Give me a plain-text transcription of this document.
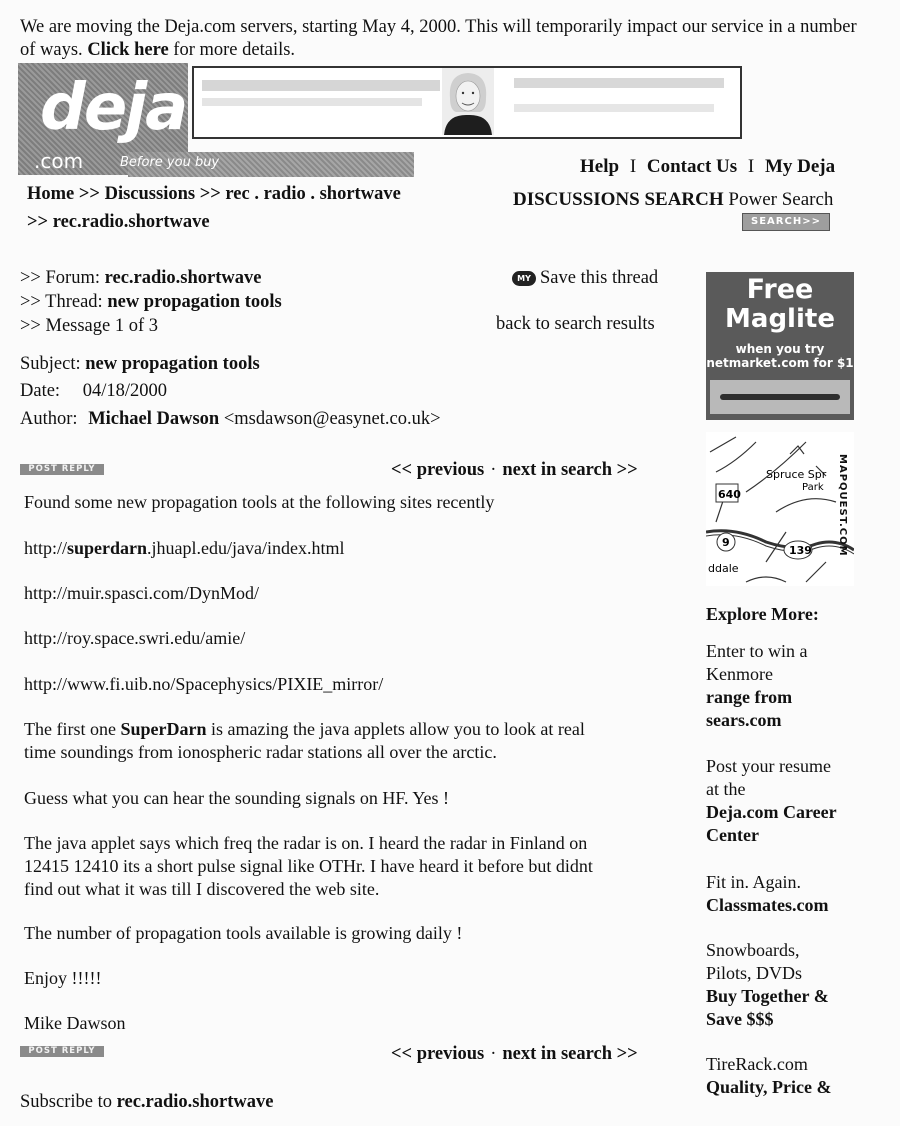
We are moving the Deja.com servers, starting May 4, 2000. This will temporarily impact our service in a number of ways. Click here for more details.
deja
.com	Before you buy	Help I Contact Us I My Deja
DISCUSSIONS SEARCH Power Search
SEARCH>>
Home >> Discussions >> rec . radio . shortwave
>> rec.radio.shortwave
>> Forum: rec.radio.shortwave
>> Thread: new propagation tools
>> Message 1 of 3
MY Save this thread
back to search results
Subject: new propagation tools
Date: 04/18/2000
Author: Michael Dawson <msdawson@easynet.co.uk>
POST REPLY	<< previous · next in search >>
Found some new propagation tools at the following sites recently
http://superdarn.jhuapl.edu/java/index.html
http://muir.spasci.com/DynMod/
http://roy.space.swri.edu/amie/
http://www.fi.uib.no/Spacephysics/PIXIE_mirror/
The first one SuperDarn is amazing the java applets allow you to look at real
time soundings from ionospheric radar stations all over the arctic.
Guess what you can hear the sounding signals on HF. Yes !
The java applet says which freq the radar is on. I heard the radar in Finland on
12415 12410 its a short pulse signal like OTHr. I have heard it before but didnt
find out what it was till I discovered the web site.
The number of propagation tools available is growing daily !
Enjoy !!!!!
Mike Dawson
POST REPLY	<< previous · next in search >>
Subscribe to rec.radio.shortwave
Free
Maglite
when you try
netmarket.com for $1
Spruce Spr
Park
640
139
9
ddale
MAPQUEST.COM
Explore More:
Enter to win a
Kenmore
range from
sears.com
Post your resume
at the
Deja.com Career
Center
Fit in. Again.
Classmates.com
Snowboards,
Pilots, DVDs
Buy Together &
Save $$$
TireRack.com
Quality, Price &
